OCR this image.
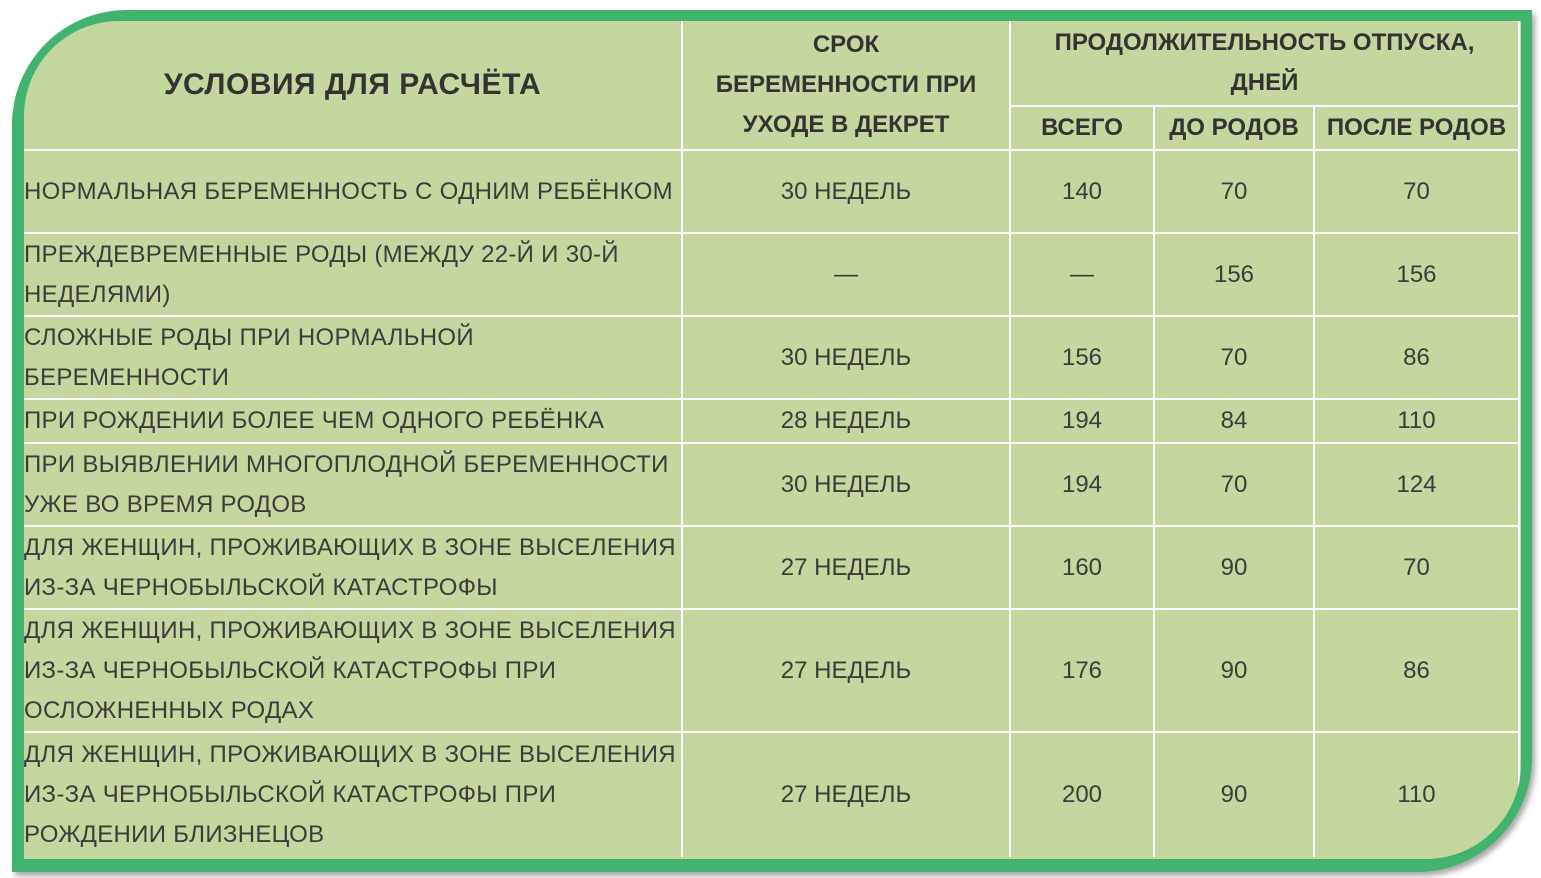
УСЛОВИЯ ДЛЯ РАСЧЁТА	СРОК БЕРЕМЕННОСТИ ПРИ УХОДЕ В ДЕКРЕТ	ПРОДОЛЖИТЕЛЬНОСТЬ ОТПУСКА, ДНЕЙ		

		ВСЕГО	ДО РОДОВ	ПОСЛЕ РОДОВ
НОРМАЛЬНАЯ БЕРЕМЕННОСТЬ С ОДНИМ РЕБЁНКОМ	30 НЕДЕЛЬ	140	70	70
ПРЕЖДЕВРЕМЕННЫЕ РОДЫ (МЕЖДУ 22-Й И 30-Й НЕДЕЛЯМИ)	—	—	156	156
СЛОЖНЫЕ РОДЫ ПРИ НОРМАЛЬНОЙ БЕРЕМЕННОСТИ	30 НЕДЕЛЬ	156	70	86
ПРИ РОЖДЕНИИ БОЛЕЕ ЧЕМ ОДНОГО РЕБЁНКА	28 НЕДЕЛЬ	194	84	110
ПРИ ВЫЯВЛЕНИИ МНОГОПЛОДНОЙ БЕРЕМЕННОСТИ УЖЕ ВО ВРЕМЯ РОДОВ	30 НЕДЕЛЬ	194	70	124
ДЛЯ ЖЕНЩИН, ПРОЖИВАЮЩИХ В ЗОНЕ ВЫСЕЛЕНИЯ ИЗ-ЗА ЧЕРНОБЫЛЬСКОЙ КАТАСТРОФЫ	27 НЕДЕЛЬ	160	90	70
ДЛЯ ЖЕНЩИН, ПРОЖИВАЮЩИХ В ЗОНЕ ВЫСЕЛЕНИЯ ИЗ-ЗА ЧЕРНОБЫЛЬСКОЙ КАТАСТРОФЫ ПРИ ОСЛОЖНЕННЫХ РОДАХ	27 НЕДЕЛЬ	176	90	86
ДЛЯ ЖЕНЩИН, ПРОЖИВАЮЩИХ В ЗОНЕ ВЫСЕЛЕНИЯ ИЗ-ЗА ЧЕРНОБЫЛЬСКОЙ КАТАСТРОФЫ ПРИ РОЖДЕНИИ БЛИЗНЕЦОВ	27 НЕДЕЛЬ	200	90	110
